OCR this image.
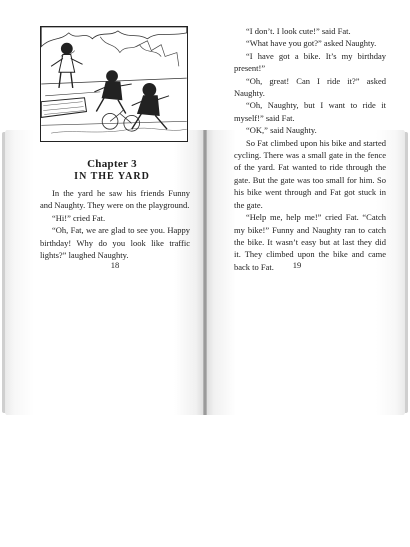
Chapter 3
IN THE YARD

In the yard he saw his friends Funny and Naughty. They were on the playground.

“Hi!” cried Fat.

“Oh, Fat, we are glad to see you. Happy birthday! Why do you look like traffic lights?” laughed Naughty.

18

“I don’t. I look cute!” said Fat.

“What have you got?” asked Naughty.

“I have got a bike. It’s my birthday present!”

“Oh, great! Can I ride it?” asked Naughty.

“Oh, Naughty, but I want to ride it myself!” said Fat.

“OK,” said Naughty.

So Fat climbed upon his bike and started cycling. There was a small gate in the fence of the yard. Fat wanted to ride through the gate. But the gate was too small for him. So his bike went through and Fat got stuck in the gate.

“Help me, help me!” cried Fat. “Catch my bike!” Funny and Naughty ran to catch the bike. It wasn’t easy but at last they did it. They climbed upon the bike and came back to Fat.	19
